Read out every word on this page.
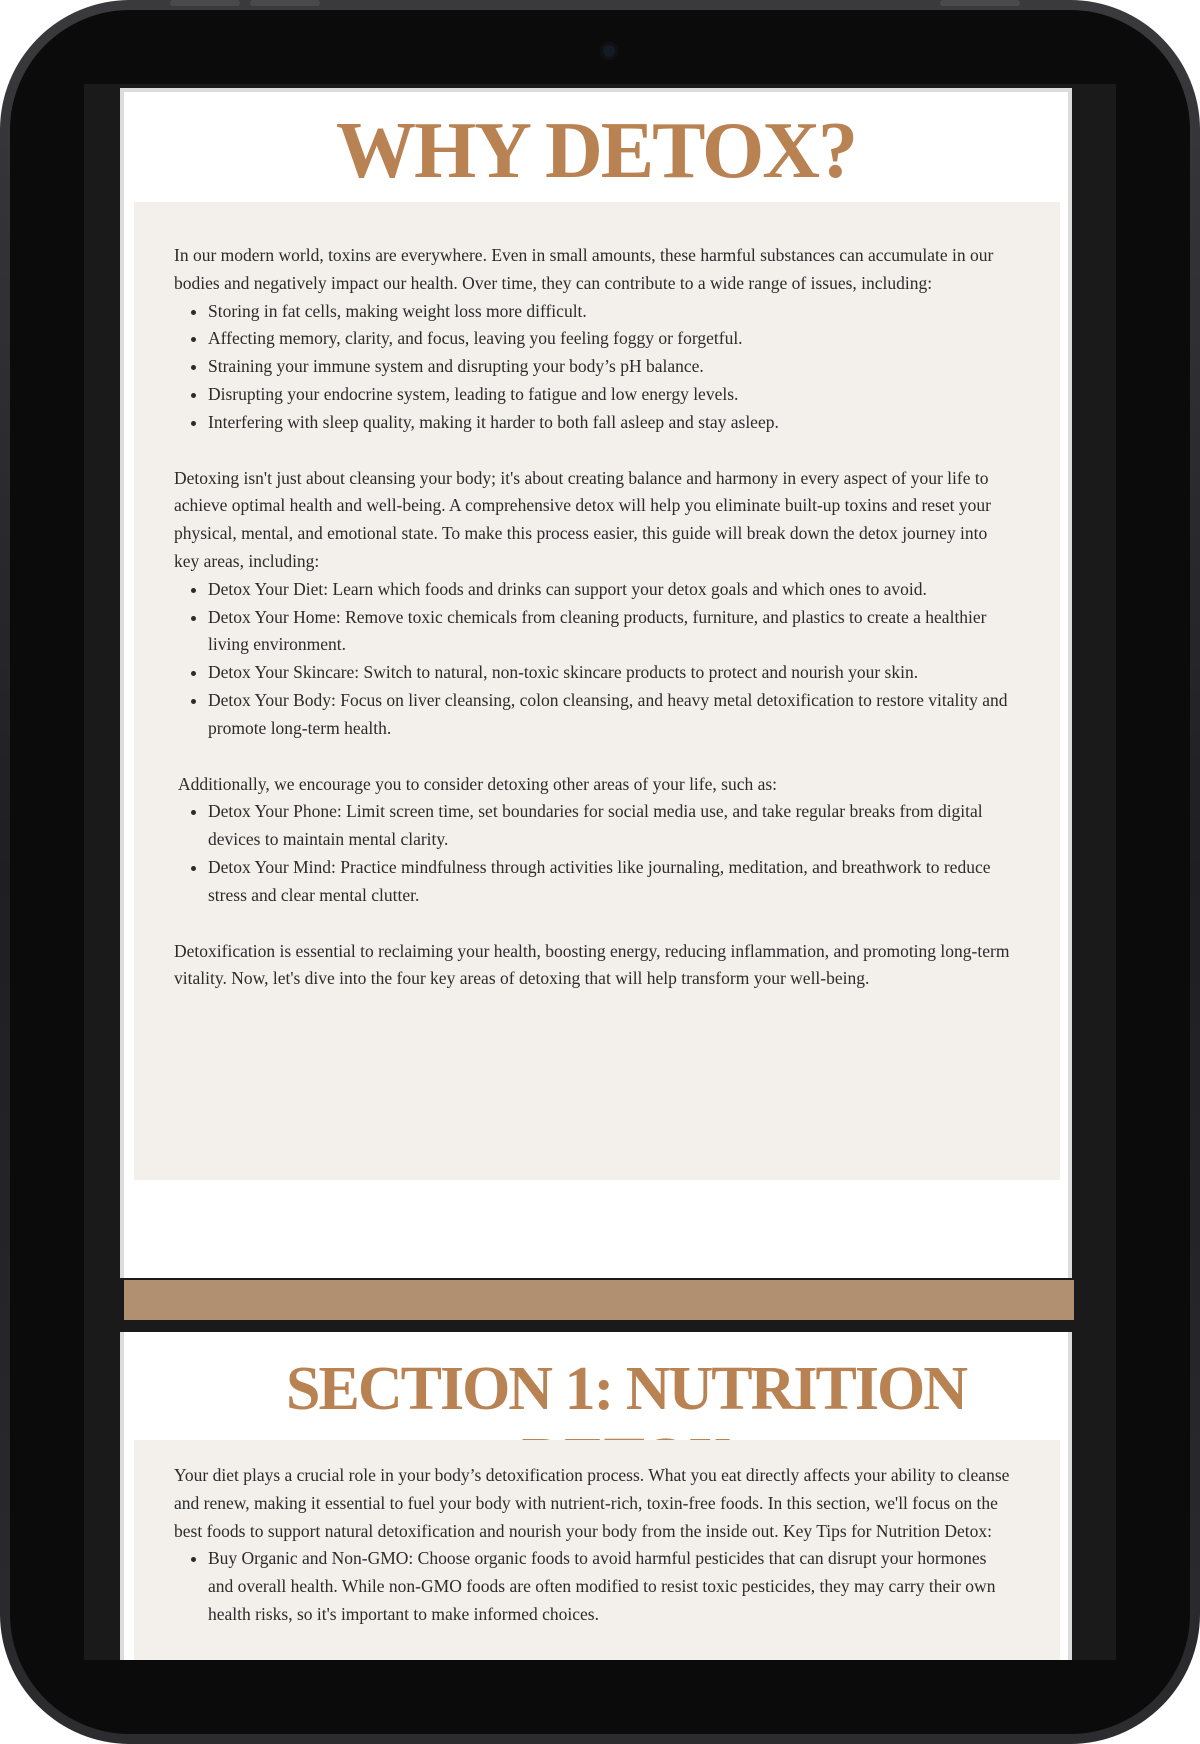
WHY DETOX?

In our modern world, toxins are everywhere. Even in small amounts, these harmful substances can accumulate in our bodies and negatively impact our health. Over time, they can contribute to a wide range of issues, including:

• Storing in fat cells, making weight loss more difficult.
• Affecting memory, clarity, and focus, leaving you feeling foggy or forgetful.
• Straining your immune system and disrupting your body’s pH balance.
• Disrupting your endocrine system, leading to fatigue and low energy levels.
• Interfering with sleep quality, making it harder to both fall asleep and stay asleep.

Detoxing isn't just about cleansing your body; it's about creating balance and harmony in every aspect of your life to achieve optimal health and well-being. A comprehensive detox will help you eliminate built-up toxins and reset your physical, mental, and emotional state. To make this process easier, this guide will break down the detox journey into key areas, including:

• Detox Your Diet: Learn which foods and drinks can support your detox goals and which ones to avoid.
• Detox Your Home: Remove toxic chemicals from cleaning products, furniture, and plastics to create a healthier living environment.
• Detox Your Skincare: Switch to natural, non-toxic skincare products to protect and nourish your skin.
• Detox Your Body: Focus on liver cleansing, colon cleansing, and heavy metal detoxification to restore vitality and promote long-term health.

Additionally, we encourage you to consider detoxing other areas of your life, such as:

• Detox Your Phone: Limit screen time, set boundaries for social media use, and take regular breaks from digital devices to maintain mental clarity.
• Detox Your Mind: Practice mindfulness through activities like journaling, meditation, and breathwork to reduce stress and clear mental clutter.

Detoxification is essential to reclaiming your health, boosting energy, reducing inflammation, and promoting long-term vitality. Now, let's dive into the four key areas of detoxing that will help transform your well-being.

SECTION 1: NUTRITION

Your diet plays a crucial role in your body’s detoxification process. What you eat directly affects your ability to cleanse and renew, making it essential to fuel your body with nutrient-rich, toxin-free foods. In this section, we'll focus on the best foods to support natural detoxification and nourish your body from the inside out. Key Tips for Nutrition Detox:

• Buy Organic and Non-GMO: Choose organic foods to avoid harmful pesticides that can disrupt your hormones and overall health. While non-GMO foods are often modified to resist toxic pesticides, they may carry their own health risks, so it's important to make informed choices.
